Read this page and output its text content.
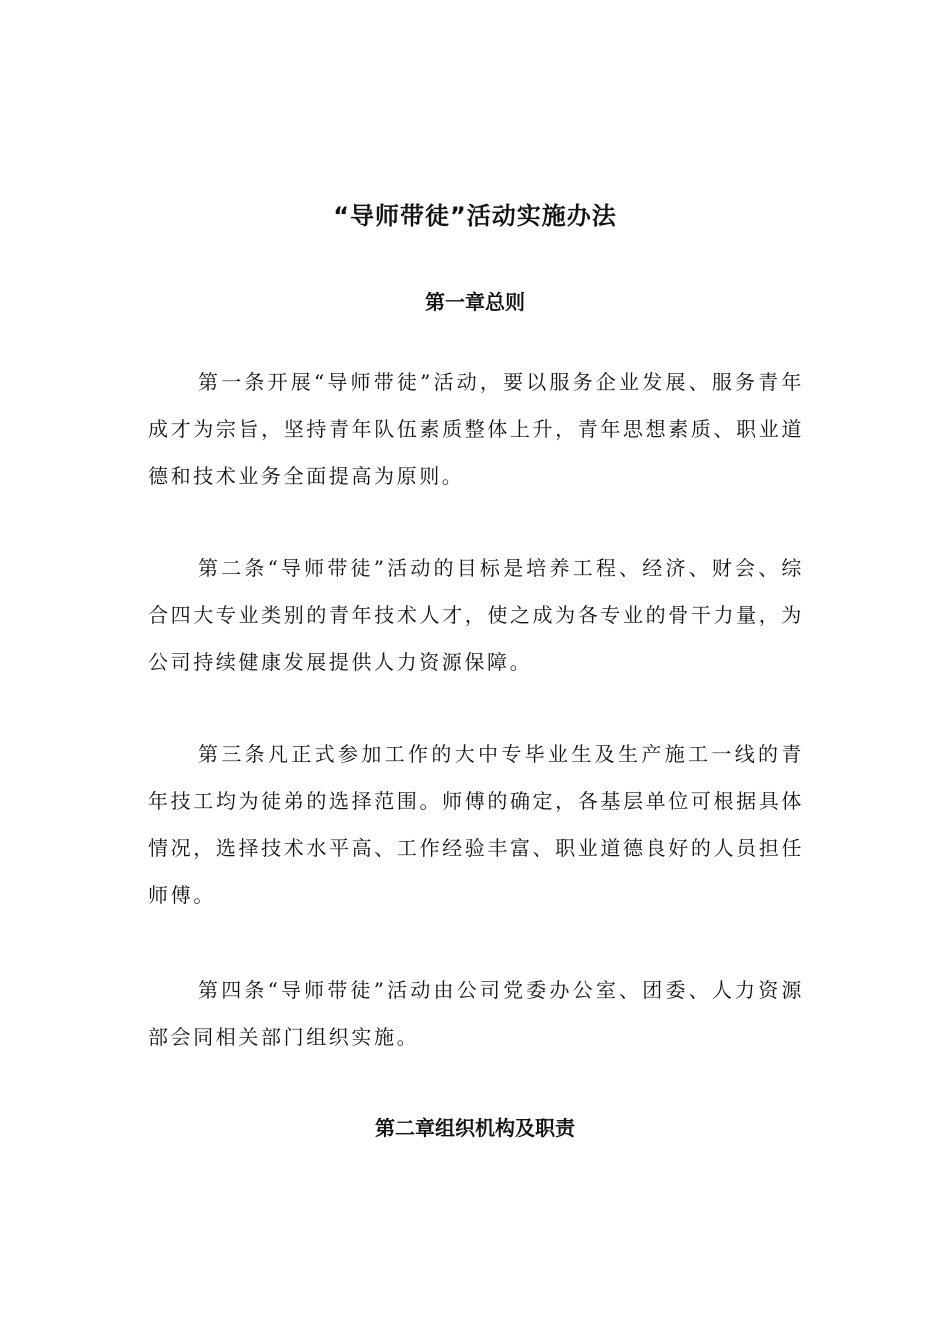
“导师带徒”活动实施办法
第一章总则

第一条开展“导师带徒”活动，要以服务企业发展、服务青年成才为宗旨，坚持青年队伍素质整体上升，青年思想素质、职业道德和技术业务全面提高为原则。

第二条“导师带徒”活动的目标是培养工程、经济、财会、综合四大专业类别的青年技术人才，使之成为各专业的骨干力量，为公司持续健康发展提供人力资源保障。

第三条凡正式参加工作的大中专毕业生及生产施工一线的青年技工均为徒弟的选择范围。师傅的确定，各基层单位可根据具体情况，选择技术水平高、工作经验丰富、职业道德良好的人员担任师傅。

第四条“导师带徒”活动由公司党委办公室、团委、人力资源部会同相关部门组织实施。

第二章组织机构及职责
